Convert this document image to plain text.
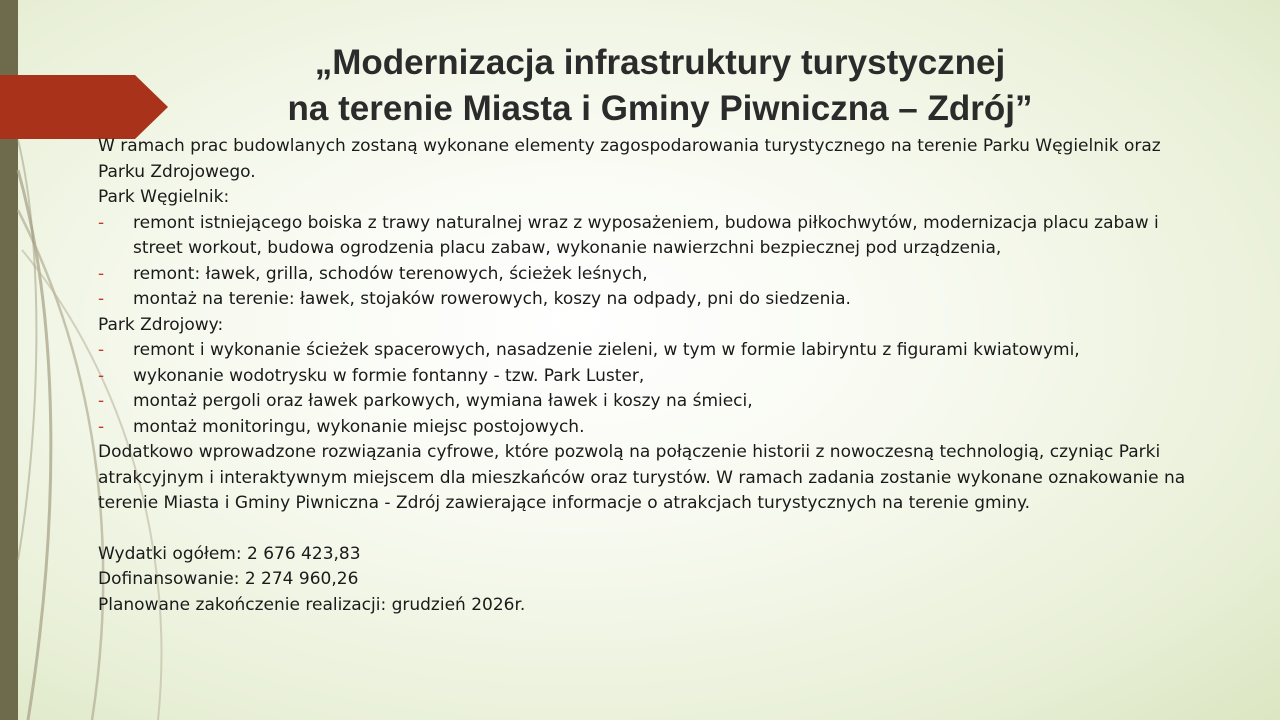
„Modernizacja infrastruktury turystycznej
na terenie Miasta i Gminy Piwniczna – Zdrój”

W ramach prac budowlanych zostaną wykonane elementy zagospodarowania turystycznego na terenie Parku Węgielnik oraz Parku Zdrojowego.

Park Węgielnik:

-	remont istniejącego boiska z trawy naturalnej wraz z wyposażeniem, budowa piłkochwytów, modernizacja placu zabaw i street workout, budowa ogrodzenia placu zabaw, wykonanie nawierzchni bezpiecznej pod urządzenia,
-	remont: ławek, grilla, schodów terenowych, ścieżek leśnych,
-	montaż na terenie: ławek, stojaków rowerowych, koszy na odpady, pni do siedzenia.

Park Zdrojowy:

-	remont i wykonanie ścieżek spacerowych, nasadzenie zieleni, w tym w formie labiryntu z figurami kwiatowymi,
-	wykonanie wodotrysku w formie fontanny - tzw. Park Luster,
-	montaż pergoli oraz ławek parkowych, wymiana ławek i koszy na śmieci,
-	montaż monitoringu, wykonanie miejsc postojowych.

Dodatkowo wprowadzone rozwiązania cyfrowe, które pozwolą na połączenie historii z nowoczesną technologią, czyniąc Parki atrakcyjnym i interaktywnym miejscem dla mieszkańców oraz turystów. W ramach zadania zostanie wykonane oznakowanie na terenie Miasta i Gminy Piwniczna - Zdrój zawierające informacje o atrakcjach turystycznych na terenie gminy.

Wydatki ogółem: 2 676 423,83

Dofinansowanie: 2 274 960,26

Planowane zakończenie realizacji: grudzień 2026r.
